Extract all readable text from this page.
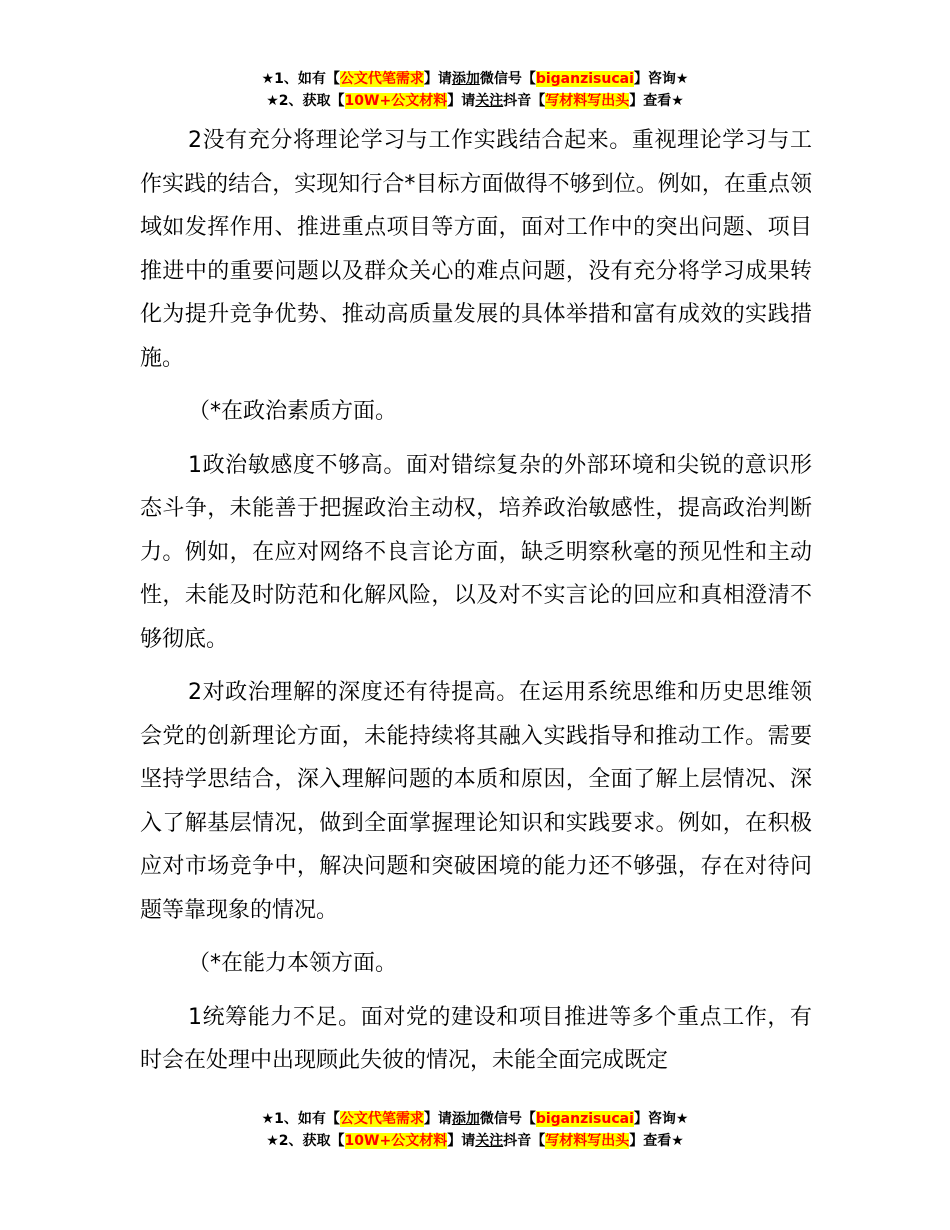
★1、如有【公文代笔需求】请添加微信号【biganzisucai】咨询★
★2、获取【10W+公文材料】请关注抖音【写材料写出头】查看★

2没有充分将理论学习与工作实践结合起来。重视理论学习与工作实践的结合，实现知行合*目标方面做得不够到位。例如，在重点领域如发挥作用、推进重点项目等方面，面对工作中的突出问题、项目推进中的重要问题以及群众关心的难点问题，没有充分将学习成果转化为提升竞争优势、推动高质量发展的具体举措和富有成效的实践措施。

（*在政治素质方面。

1政治敏感度不够高。面对错综复杂的外部环境和尖锐的意识形态斗争，未能善于把握政治主动权，培养政治敏感性，提高政治判断力。例如，在应对网络不良言论方面，缺乏明察秋毫的预见性和主动性，未能及时防范和化解风险，以及对不实言论的回应和真相澄清不够彻底。

2对政治理解的深度还有待提高。在运用系统思维和历史思维领会党的创新理论方面，未能持续将其融入实践指导和推动工作。需要坚持学思结合，深入理解问题的本质和原因，全面了解上层情况、深入了解基层情况，做到全面掌握理论知识和实践要求。例如，在积极应对市场竞争中，解决问题和突破困境的能力还不够强，存在对待问题等靠现象的情况。

（*在能力本领方面。

1统筹能力不足。面对党的建设和项目推进等多个重点工作，有时会在处理中出现顾此失彼的情况，未能全面完成既定

★1、如有【公文代笔需求】请添加微信号【biganzisucai】咨询★
★2、获取【10W+公文材料】请关注抖音【写材料写出头】查看★
